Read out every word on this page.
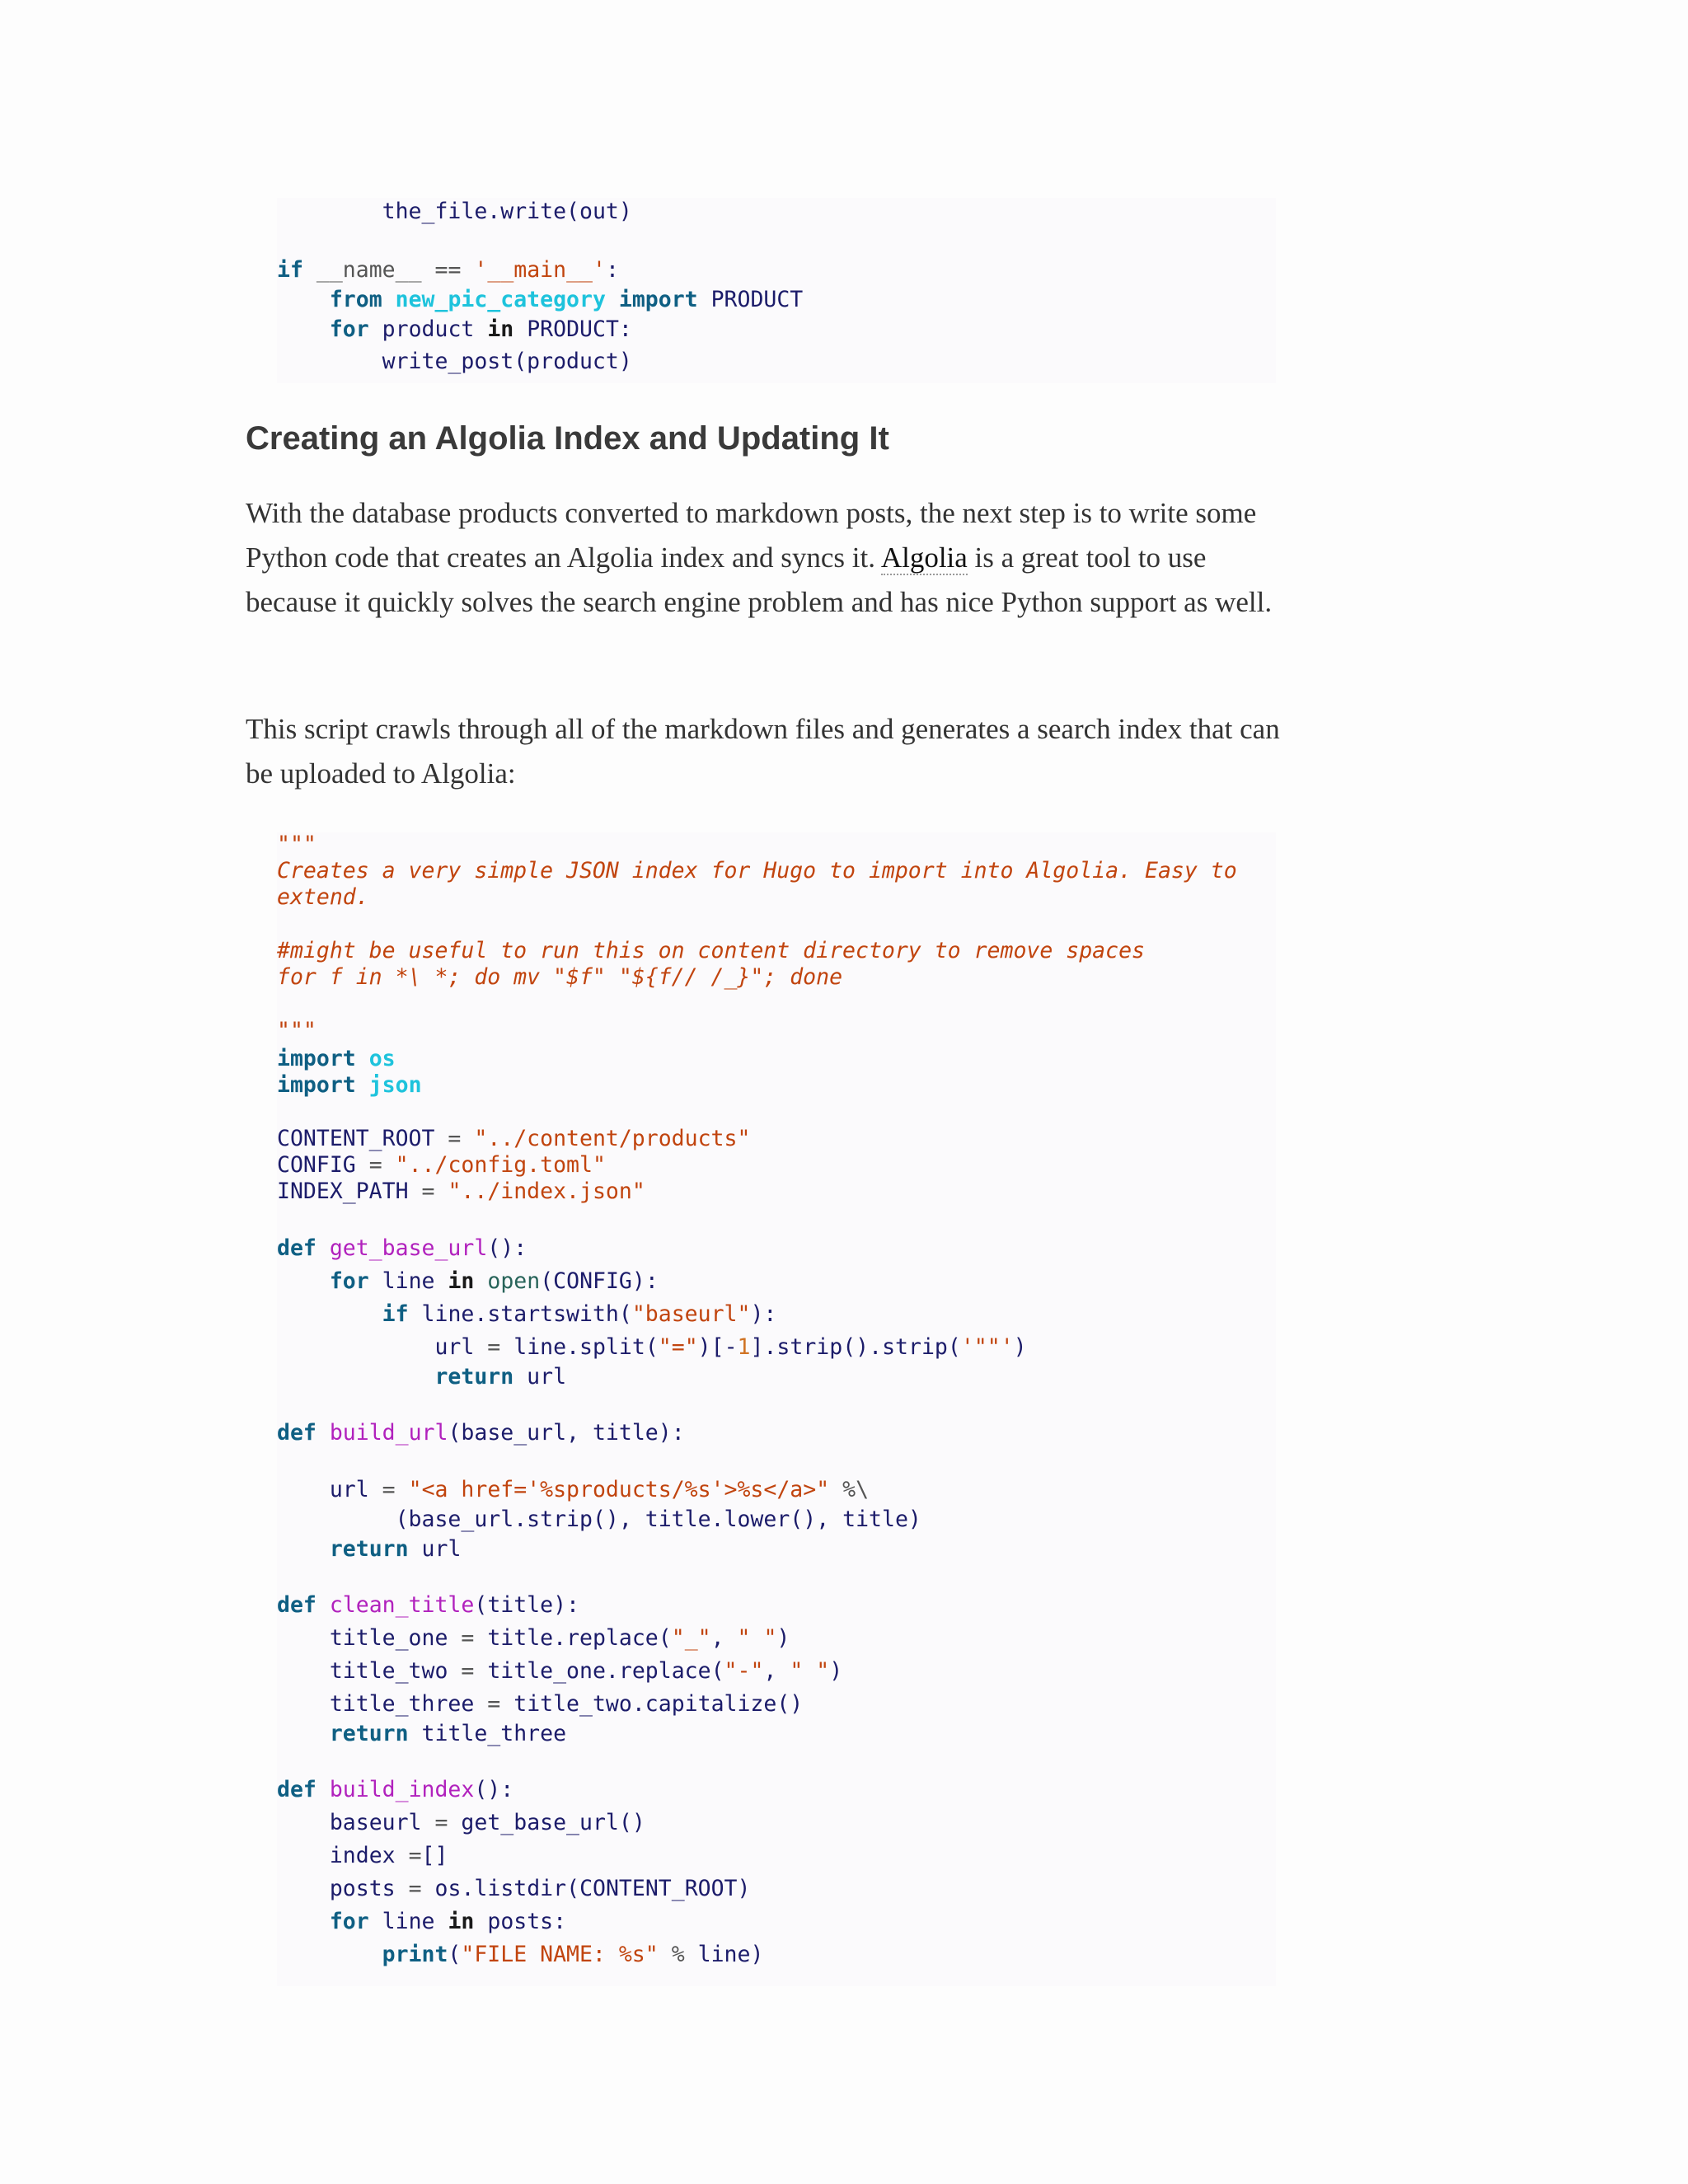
the_file.write(out)

if __name__ == '__main__':

from new_pic_category import PRODUCT

for product in PRODUCT:

write_post(product)

Creating an Algolia Index and Updating It

With the database products converted to markdown posts, the next step is to write some Python code that creates an Algolia index and syncs it. Algolia is a great tool to use because it quickly solves the search engine problem and has nice Python support as well.

This script crawls through all of the markdown files and generates a search index that can be uploaded to Algolia:

"""

Creates a very simple JSON index for Hugo to import into Algolia. Easy to

extend.

#might be useful to run this on content directory to remove spaces

for f in *\ *; do mv "$f" "${f// /_}"; done

"""

import os

import json

CONTENT_ROOT = "../content/products"

CONFIG = "../config.toml"

INDEX_PATH = "../index.json"

def get_base_url():

for line in open(CONFIG):

if line.startswith("baseurl"):

url = line.split("=")[-1].strip().strip('""')

return url

def build_url(base_url, title):

url = "<a href='%sproducts/%s'>%s</a>" %\

(base_url.strip(), title.lower(), title)

return url

def clean_title(title):

title_one = title.replace("_", " ")

title_two = title_one.replace("-", " ")

title_three = title_two.capitalize()

return title_three

def build_index():

baseurl = get_base_url()

index =[]

posts = os.listdir(CONTENT_ROOT)

for line in posts:

print("FILE NAME: %s" % line)
